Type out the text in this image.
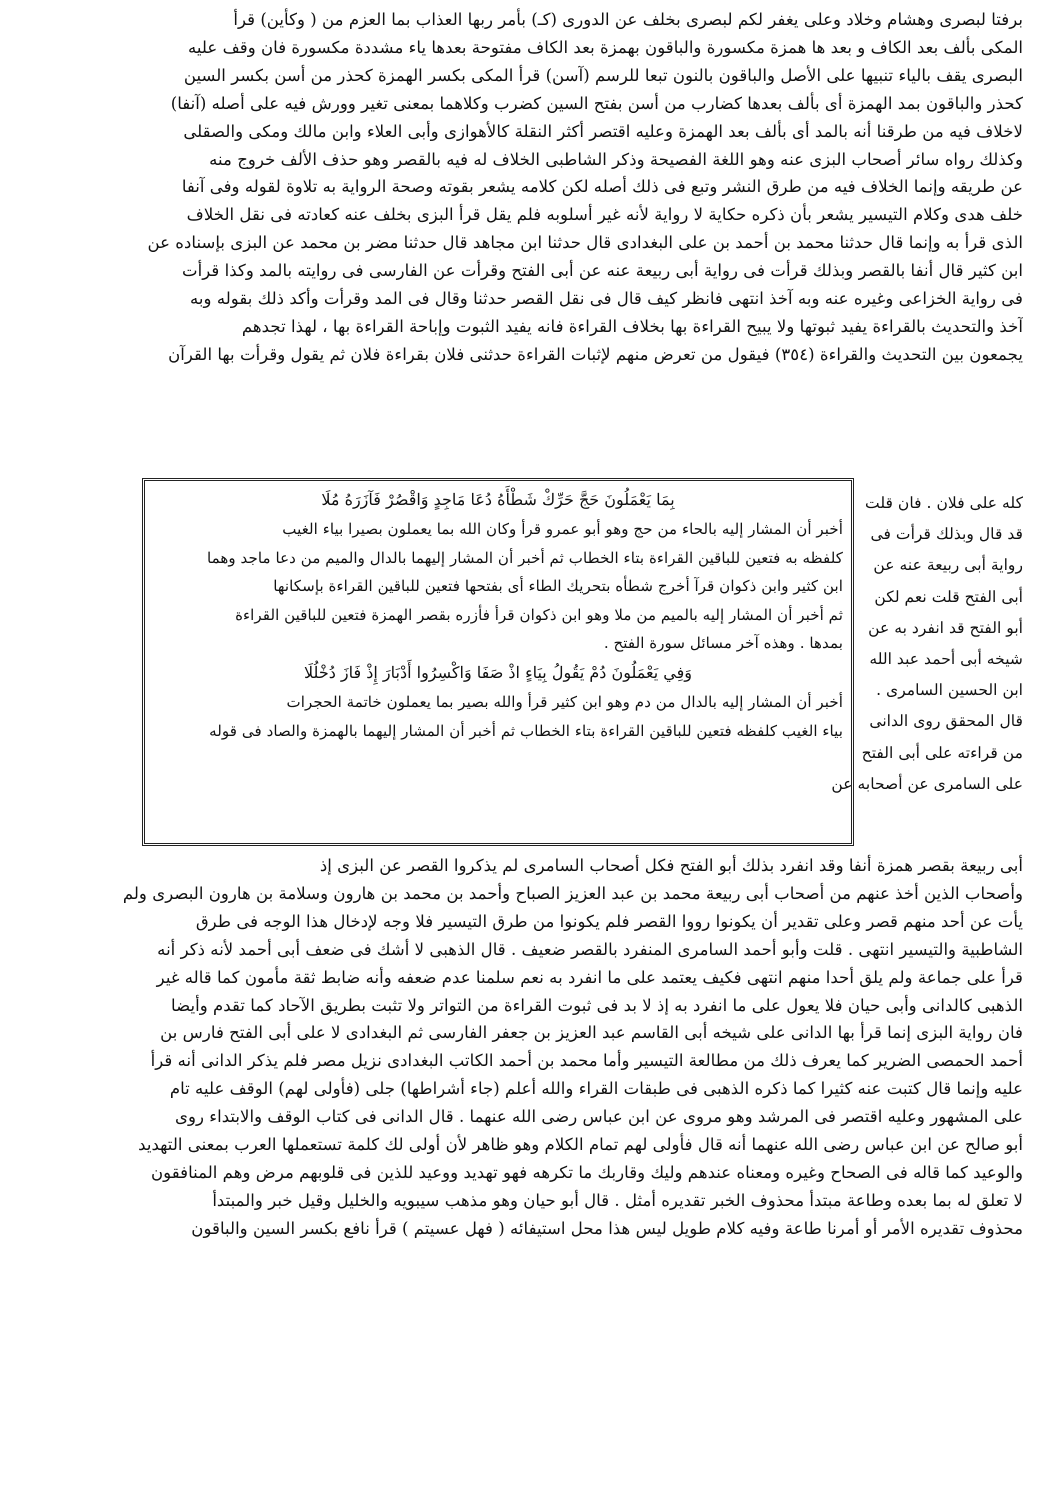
برفتا لبصرى وهشام وخلاد وعلى يغفر لكم لبصرى بخلف عن الدورى (كـ) بأمر ربها العذاب بما العزم من ( وكأين) قرأ

المكى بألف بعد الكاف و بعد ها همزة مكسورة والباقون بهمزة بعد الكاف مفتوحة بعدها ياء مشددة مكسورة فان وقف عليه

البصرى يقف بالياء تنبيها على الأصل والباقون بالنون تبعا للرسم (آسن) قرأ المكى بكسر الهمزة كحذر من أسن بكسر السين

كحذر والباقون بمد الهمزة أى بألف بعدها كضارب من أسن بفتح السين كضرب وكلاهما بمعنى تغير وورش فيه على أصله (آنفا)

لاخلاف فيه من طرقنا أنه بالمد أى بألف بعد الهمزة وعليه اقتصر أكثر النقلة كالأهوازى وأبى العلاء وابن مالك ومكى والصقلى

وكذلك رواه سائر أصحاب البزى عنه وهو اللغة الفصيحة وذكر الشاطبى الخلاف له فيه بالقصر وهو حذف الألف خروج منه

عن طريقه وإنما الخلاف فيه من طرق النشر وتبع فى ذلك أصله لكن كلامه يشعر بقوته وصحة الرواية به تلاوة لقوله وفى آنفا

خلف هدى وكلام التيسير يشعر بأن ذكره حكاية لا رواية لأنه غير أسلوبه فلم يقل قرأ البزى بخلف عنه كعادته فى نقل الخلاف

الذى قرأ به وإنما قال حدثنا محمد بن أحمد بن على البغدادى قال حدثنا ابن مجاهد قال حدثنا مضر بن محمد عن البزى بإسناده عن

ابن كثير قال أنفا بالقصر وبذلك قرأت فى رواية أبى ربيعة عنه عن أبى الفتح وقرأت عن الفارسى فى روايته بالمد وكذا قرأت

فى رواية الخزاعى وغيره عنه وبه آخذ انتهى فانظر كيف قال فى نقل القصر حدثنا وقال فى المد وقرأت وأكد ذلك بقوله وبه

آخذ والتحديث بالقراءة يفيد ثبوتها ولا يبيح القراءة بها بخلاف القراءة فانه يفيد الثبوت وإباحة القراءة بها ، لهذا تجدهم

يجمعون بين التحديث والقراءة (٣٥٤) فيقول من تعرض منهم لإثبات القراءة حدثنى فلان بقراءة فلان ثم يقول وقرأت بها القرآن

كله على فلان . فان قلت

قد قال وبذلك قرأت فى

رواية أبى ربيعة عنه عن

أبى الفتح قلت نعم لكن

أبو الفتح قد انفرد به عن

شيخه أبى أحمد عبد الله

ابن الحسين السامرى .

قال المحقق روى الدانى

من قراءته على أبى الفتح

على السامرى عن أصحابه عن

بِمَا يَعْمَلُونَ حَجَّ حَرِّكْ شَطْأَهُ دُعَا مَاجِدٍ وَاقْصُرْ فَآزَرَهُ مُلَا

أخبر أن المشار إليه بالحاء من حج وهو أبو عمرو قرأ وكان الله بما يعملون بصيرا بياء الغيب

كلفظه به فتعين للباقين القراءة بتاء الخطاب ثم أخبر أن المشار إليهما بالدال والميم من دعا ماجد وهما

ابن كثير وابن ذكوان قرآ أخرج شطأه بتحريك الطاء أى بفتحها فتعين للباقين القراءة بإسكانها

ثم أخبر أن المشار إليه بالميم من ملا وهو ابن ذكوان قرأ فأزره بقصر الهمزة فتعين للباقين القراءة

بمدها . وهذه آخر مسائل سورة الفتح .

وَفِي يَعْمَلُونَ دُمْ يَقُولُ بِيَاءٍ اذْ صَفَا وَاكْسِرُوا أَدْبَارَ إِذْ فَازَ دُخْلُلَا

أخبر أن المشار إليه بالدال من دم وهو ابن كثير قرأ والله بصير بما يعملون خاتمة الحجرات

بياء الغيب كلفظه فتعين للباقين القراءة بتاء الخطاب ثم أخبر أن المشار إليهما بالهمزة والصاد فى قوله

أبى ربيعة بقصر همزة أنفا وقد انفرد بذلك أبو الفتح فكل أصحاب السامرى لم يذكروا القصر عن البزى إذ

وأصحاب الذين أخذ عنهم من أصحاب أبى ربيعة محمد بن عبد العزيز الصباح وأحمد بن محمد بن هارون وسلامة بن هارون البصرى ولم

يأت عن أحد منهم قصر وعلى تقدير أن يكونوا رووا القصر فلم يكونوا من طرق التيسير فلا وجه لإدخال هذا الوجه فى طرق

الشاطبية والتيسير انتهى . قلت وأبو أحمد السامرى المنفرد بالقصر ضعيف . قال الذهبى لا أشك فى ضعف أبى أحمد لأنه ذكر أنه

قرأ على جماعة ولم يلق أحدا منهم انتهى فكيف يعتمد على ما انفرد به نعم سلمنا عدم ضعفه وأنه ضابط ثقة مأمون كما قاله غير

الذهبى كالدانى وأبى حيان فلا يعول على ما انفرد به إذ لا بد فى ثبوت القراءة من التواتر ولا تثبت بطريق الآحاد كما تقدم وأيضا

فان رواية البزى إنما قرأ بها الدانى على شيخه أبى القاسم عبد العزيز بن جعفر الفارسى ثم البغدادى لا على أبى الفتح فارس بن

أحمد الحمصى الضرير كما يعرف ذلك من مطالعة التيسير وأما محمد بن أحمد الكاتب البغدادى نزيل مصر فلم يذكر الدانى أنه قرأ

عليه وإنما قال كتبت عنه كثيرا كما ذكره الذهبى فى طبقات القراء والله أعلم (جاء أشراطها) جلى (فأولى لهم) الوقف عليه تام

على المشهور وعليه اقتصر فى المرشد وهو مروى عن ابن عباس رضى الله عنهما . قال الدانى فى كتاب الوقف والابتداء روى

أبو صالح عن ابن عباس رضى الله عنهما أنه قال فأولى لهم تمام الكلام وهو ظاهر لأن أولى لك كلمة تستعملها العرب بمعنى التهديد

والوعيد كما قاله فى الصحاح وغيره ومعناه عندهم وليك وقاربك ما تكرهه فهو تهديد ووعيد للذين فى قلوبهم مرض وهم المنافقون

لا تعلق له بما بعده وطاعة مبتدأ محذوف الخبر تقديره أمثل . قال أبو حيان وهو مذهب سيبويه والخليل وقيل خبر والمبتدأ

محذوف تقديره الأمر أو أمرنا طاعة وفيه كلام طويل ليس هذا محل استيفائه ( فهل عسيتم ) قرأ نافع بكسر السين والباقون
